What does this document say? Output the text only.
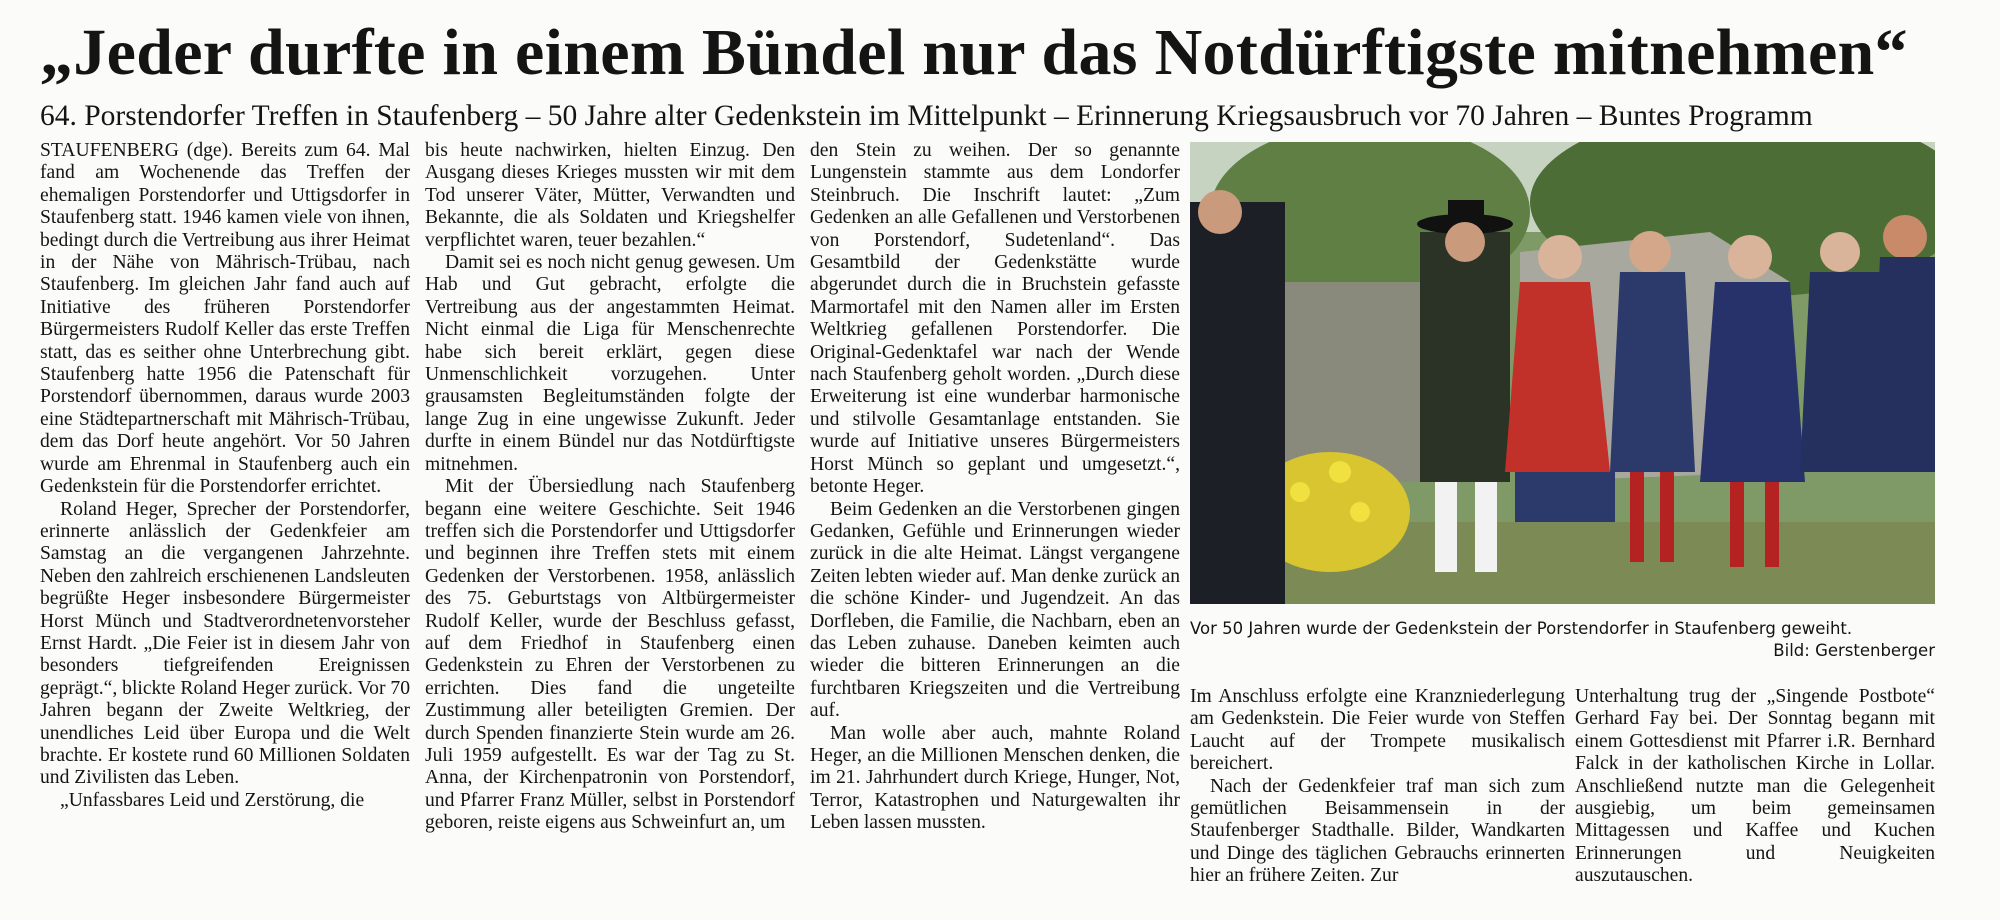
„Jeder durfte in einem Bündel nur das Notdürftigste mitnehmen“
64. Porstendorfer Treffen in Staufenberg – 50 Jahre alter Gedenkstein im Mittelpunkt – Erinnerung Kriegsausbruch vor 70 Jahren – Buntes Programm

STAUFENBERG (dge). Bereits zum 64. Mal fand am Wochenende das Treffen der ehemaligen Porstendorfer und Uttigsdorfer in Staufenberg statt. 1946 kamen viele von ihnen, bedingt durch die Vertreibung aus ihrer Heimat in der Nähe von Mährisch-Trübau, nach Staufenberg. Im gleichen Jahr fand auch auf Initiative des früheren Porstendorfer Bürgermeisters Rudolf Keller das erste Treffen statt, das es seither ohne Unterbrechung gibt. Staufenberg hatte 1956 die Patenschaft für Porstendorf übernommen, daraus wurde 2003 eine Städtepartnerschaft mit Mährisch-Trübau, dem das Dorf heute angehört. Vor 50 Jahren wurde am Ehrenmal in Staufenberg auch ein Gedenkstein für die Porstendorfer errichtet.

Roland Heger, Sprecher der Porstendorfer, erinnerte anlässlich der Gedenkfeier am Samstag an die vergangenen Jahrzehnte. Neben den zahlreich erschienenen Landsleuten begrüßte Heger insbesondere Bürgermeister Horst Münch und Stadtverordnetenvorsteher Ernst Hardt. „Die Feier ist in diesem Jahr von besonders tiefgreifenden Ereignissen geprägt.“, blickte Roland Heger zurück. Vor 70 Jahren begann der Zweite Weltkrieg, der unendliches Leid über Europa und die Welt brachte. Er kostete rund 60 Millionen Soldaten und Zivilisten das Leben.

„Unfassbares Leid und Zerstörung, die

bis heute nachwirken, hielten Einzug. Den Ausgang dieses Krieges mussten wir mit dem Tod unserer Väter, Mütter, Verwandten und Bekannte, die als Soldaten und Kriegshelfer verpflichtet waren, teuer bezahlen.“

Damit sei es noch nicht genug gewesen. Um Hab und Gut gebracht, erfolgte die Vertreibung aus der angestammten Heimat. Nicht einmal die Liga für Menschenrechte habe sich bereit erklärt, gegen diese Unmenschlichkeit vorzugehen. Unter grausamsten Begleitumständen folgte der lange Zug in eine ungewisse Zukunft. Jeder durfte in einem Bündel nur das Notdürftigste mitnehmen.

Mit der Übersiedlung nach Staufenberg begann eine weitere Geschichte. Seit 1946 treffen sich die Porstendorfer und Uttigsdorfer und beginnen ihre Treffen stets mit einem Gedenken der Verstorbenen. 1958, anlässlich des 75. Geburtstags von Altbürgermeister Rudolf Keller, wurde der Beschluss gefasst, auf dem Friedhof in Staufenberg einen Gedenkstein zu Ehren der Verstorbenen zu errichten. Dies fand die ungeteilte Zustimmung aller beteiligten Gremien. Der durch Spenden finanzierte Stein wurde am 26. Juli 1959 aufgestellt. Es war der Tag zu St. Anna, der Kirchenpatronin von Porstendorf, und Pfarrer Franz Müller, selbst in Porstendorf geboren, reiste eigens aus Schweinfurt an, um

den Stein zu weihen. Der so genannte Lungenstein stammte aus dem Londorfer Steinbruch. Die Inschrift lautet: „Zum Gedenken an alle Gefallenen und Verstorbenen von Porstendorf, Sudetenland“. Das Gesamtbild der Gedenkstätte wurde abgerundet durch die in Bruchstein gefasste Marmortafel mit den Namen aller im Ersten Weltkrieg gefallenen Porstendorfer. Die Original-Gedenktafel war nach der Wende nach Staufenberg geholt worden. „Durch diese Erweiterung ist eine wunderbar harmonische und stilvolle Gesamtanlage entstanden. Sie wurde auf Initiative unseres Bürgermeisters Horst Münch so geplant und umgesetzt.“, betonte Heger.

Beim Gedenken an die Verstorbenen gingen Gedanken, Gefühle und Erinnerungen wieder zurück in die alte Heimat. Längst vergangene Zeiten lebten wieder auf. Man denke zurück an die schöne Kinder- und Jugendzeit. An das Dorfleben, die Familie, die Nachbarn, eben an das Leben zuhause. Daneben keimten auch wieder die bitteren Erinnerungen an die furchtbaren Kriegszeiten und die Vertreibung auf.

Man wolle aber auch, mahnte Roland Heger, an die Millionen Menschen denken, die im 21. Jahrhundert durch Kriege, Hunger, Not, Terror, Katastrophen und Naturgewalten ihr Leben lassen mussten.

Vor 50 Jahren wurde der Gedenkstein der Porstendorfer in Staufenberg geweiht.
Bild: Gerstenberger

Im Anschluss erfolgte eine Kranzniederlegung am Gedenkstein. Die Feier wurde von Steffen Laucht auf der Trompete musikalisch bereichert.

Nach der Gedenkfeier traf man sich zum gemütlichen Beisammensein in der Staufenberger Stadthalle. Bilder, Wandkarten und Dinge des täglichen Gebrauchs erinnerten hier an frühere Zeiten. Zur

Unterhaltung trug der „Singende Postbote“ Gerhard Fay bei. Der Sonntag begann mit einem Gottesdienst mit Pfarrer i.R. Bernhard Falck in der katholischen Kirche in Lollar. Anschließend nutzte man die Gelegenheit ausgiebig, um beim gemeinsamen Mittagessen und Kaffee und Kuchen Erinnerungen und Neuigkeiten auszutauschen.
